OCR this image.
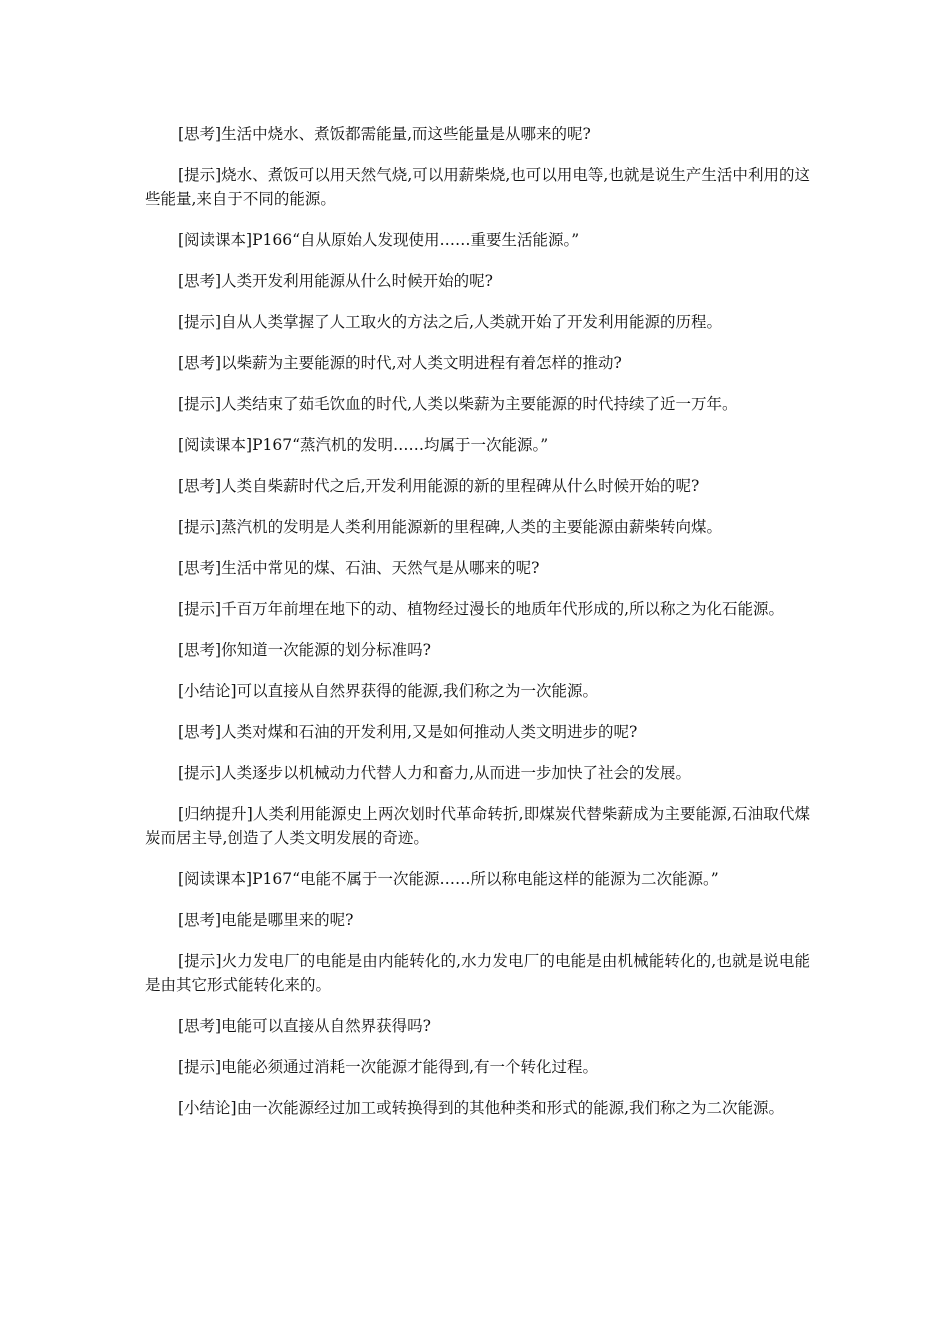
[思考]生活中烧水、煮饭都需能量,而这些能量是从哪来的呢?

[提示]烧水、煮饭可以用天然气烧,可以用薪柴烧,也可以用电等,也就是说生产生活中利用的这些能量,来自于不同的能源。

[阅读课本]P166“自从原始人发现使用……重要生活能源。”

[思考]人类开发利用能源从什么时候开始的呢?

[提示]自从人类掌握了人工取火的方法之后,人类就开始了开发利用能源的历程。

[思考]以柴薪为主要能源的时代,对人类文明进程有着怎样的推动?

[提示]人类结束了茹毛饮血的时代,人类以柴薪为主要能源的时代持续了近一万年。

[阅读课本]P167“蒸汽机的发明……均属于一次能源。”

[思考]人类自柴薪时代之后,开发利用能源的新的里程碑从什么时候开始的呢?

[提示]蒸汽机的发明是人类利用能源新的里程碑,人类的主要能源由薪柴转向煤。

[思考]生活中常见的煤、石油、天然气是从哪来的呢?

[提示]千百万年前埋在地下的动、植物经过漫长的地质年代形成的,所以称之为化石能源。

[思考]你知道一次能源的划分标准吗?

[小结论]可以直接从自然界获得的能源,我们称之为一次能源。

[思考]人类对煤和石油的开发利用,又是如何推动人类文明进步的呢?

[提示]人类逐步以机械动力代替人力和畜力,从而进一步加快了社会的发展。

[归纳提升]人类利用能源史上两次划时代革命转折,即煤炭代替柴薪成为主要能源,石油取代煤炭而居主导,创造了人类文明发展的奇迹。

[阅读课本]P167“电能不属于一次能源……所以称电能这样的能源为二次能源。”

[思考]电能是哪里来的呢?

[提示]火力发电厂的电能是由内能转化的,水力发电厂的电能是由机械能转化的,也就是说电能是由其它形式能转化来的。

[思考]电能可以直接从自然界获得吗?

[提示]电能必须通过消耗一次能源才能得到,有一个转化过程。

[小结论]由一次能源经过加工或转换得到的其他种类和形式的能源,我们称之为二次能源。
